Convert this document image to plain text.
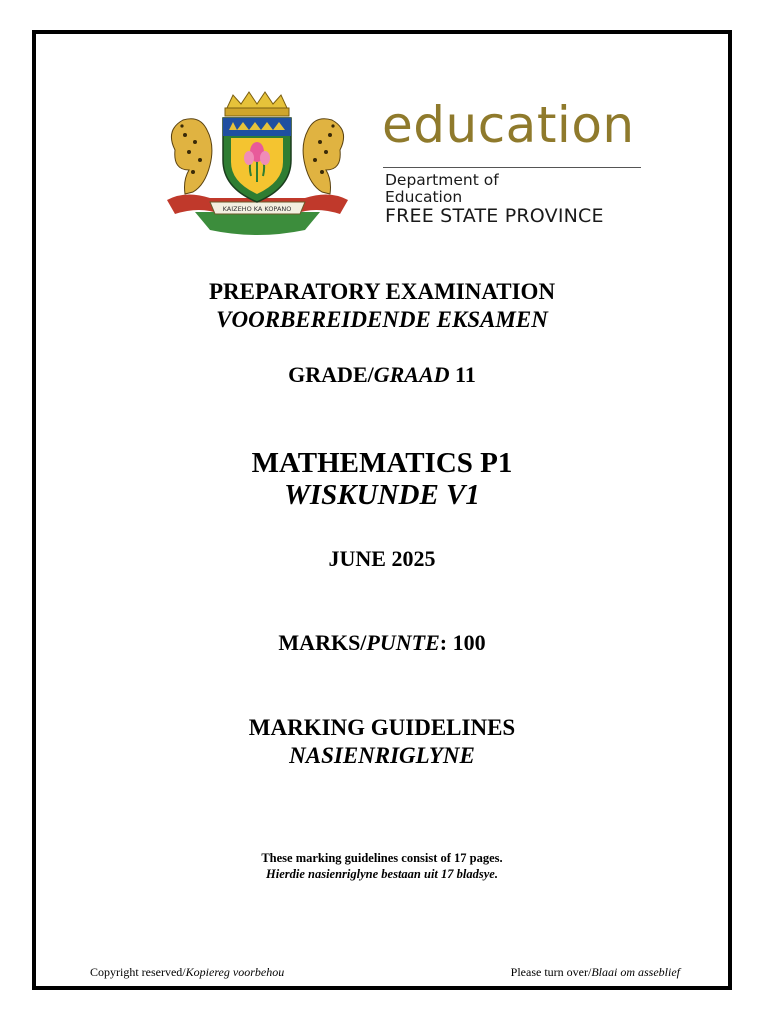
KAIZEHO KA KOPANO
education
Department of
Education
FREE STATE PROVINCE
PREPARATORY EXAMINATION
VOORBEREIDENDE EKSAMEN
GRADE/GRAAD 11
MATHEMATICS P1
WISKUNDE V1
JUNE 2025
MARKS/PUNTE: 100
MARKING GUIDELINES
NASIENRIGLYNE
These marking guidelines consist of 17 pages.
Hierdie nasienriglyne bestaan uit 17 bladsye.
Copyright reserved/Kopiereg voorbehou	Please turn over/Blaai om asseblief
